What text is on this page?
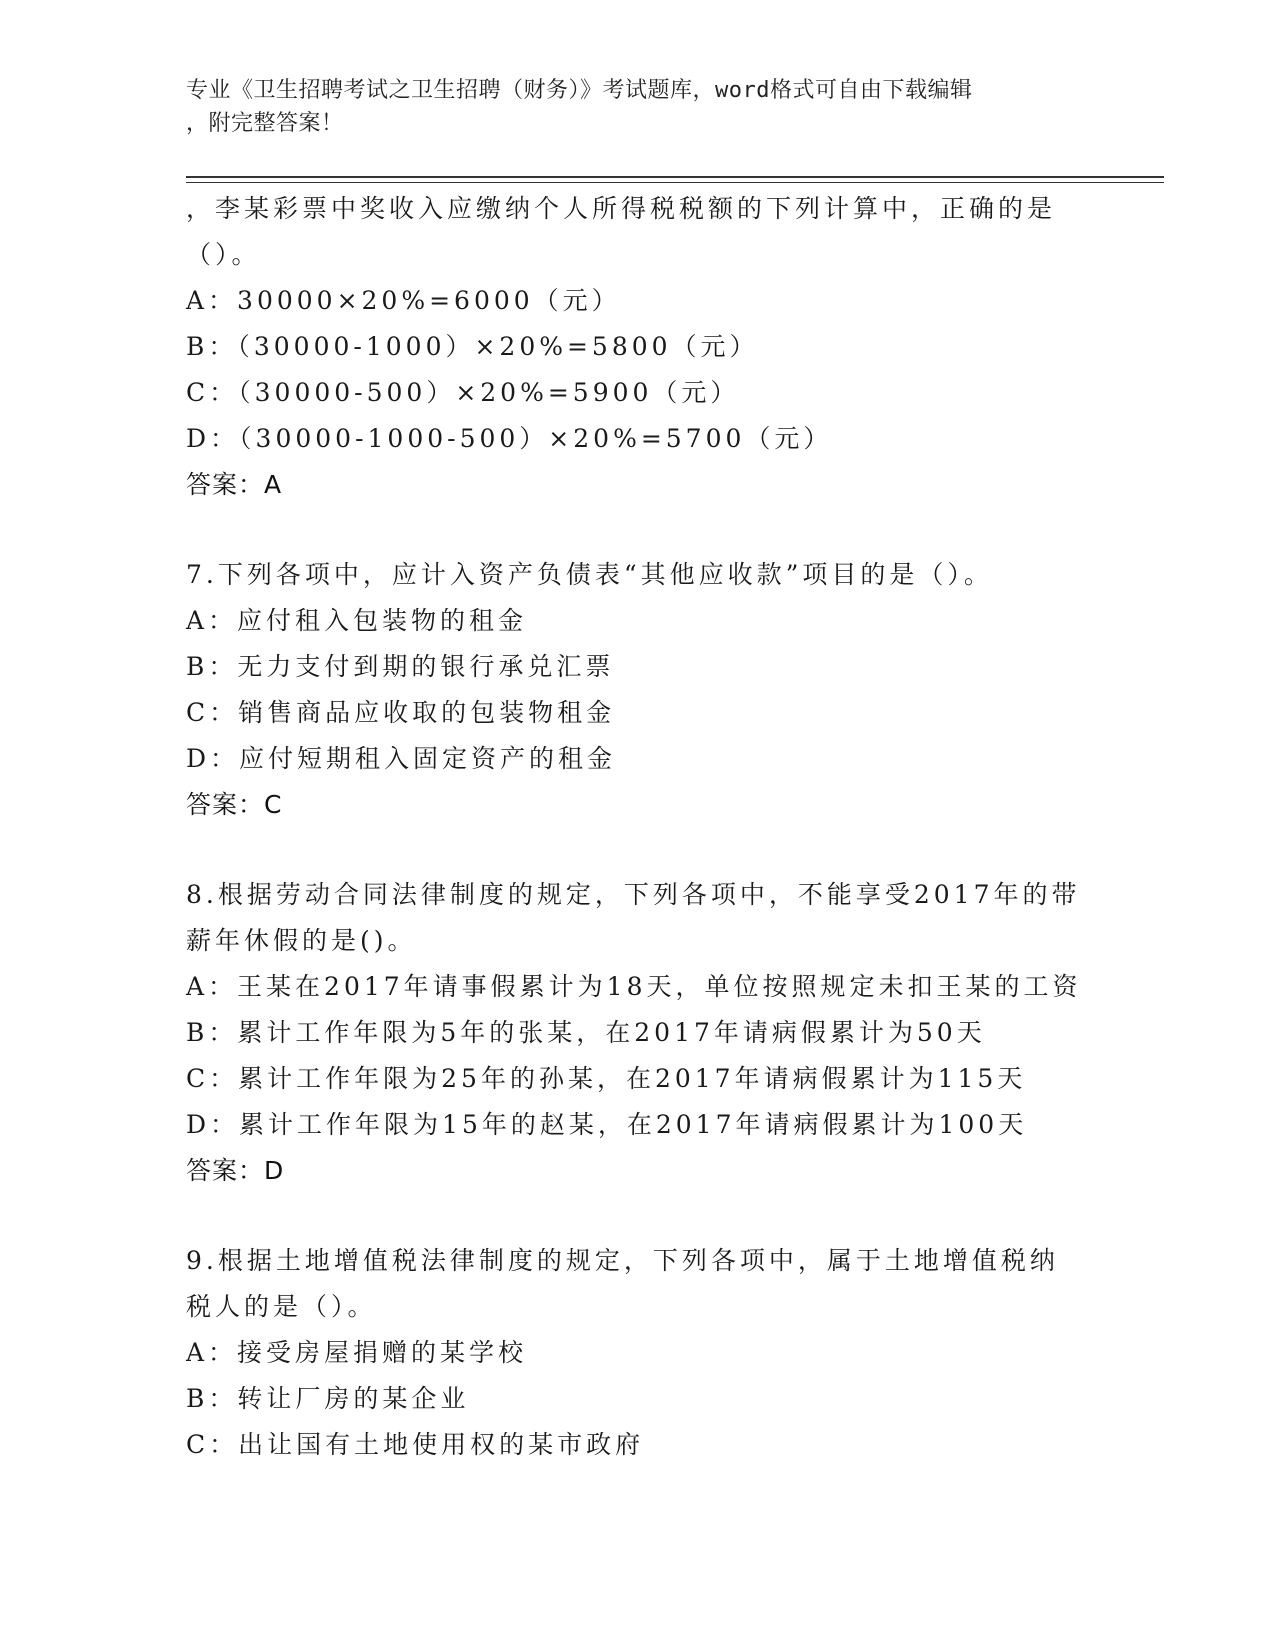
专业《卫生招聘考试之卫生招聘（财务）》考试题库，word格式可自由下载编辑
，附完整答案！
，李某彩票中奖收入应缴纳个人所得税税额的下列计算中，正确的是
（）。
A：30000×20%=6000（元）
B：（30000-1000）×20%=5800（元）
C：（30000-500）×20%=5900（元）
D：（30000-1000-500）×20%=5700（元）
答案：A
7.下列各项中，应计入资产负债表“其他应收款”项目的是（）。
A：应付租入包装物的租金
B：无力支付到期的银行承兑汇票
C：销售商品应收取的包装物租金
D：应付短期租入固定资产的租金
答案：C
8.根据劳动合同法律制度的规定，下列各项中，不能享受2017年的带
薪年休假的是()。
A：王某在2017年请事假累计为18天，单位按照规定未扣王某的工资
B：累计工作年限为5年的张某，在2017年请病假累计为50天
C：累计工作年限为25年的孙某，在2017年请病假累计为115天
D：累计工作年限为15年的赵某，在2017年请病假累计为100天
答案：D
9.根据土地增值税法律制度的规定，下列各项中，属于土地增值税纳
税人的是（）。
A：接受房屋捐赠的某学校
B：转让厂房的某企业
C：出让国有土地使用权的某市政府
